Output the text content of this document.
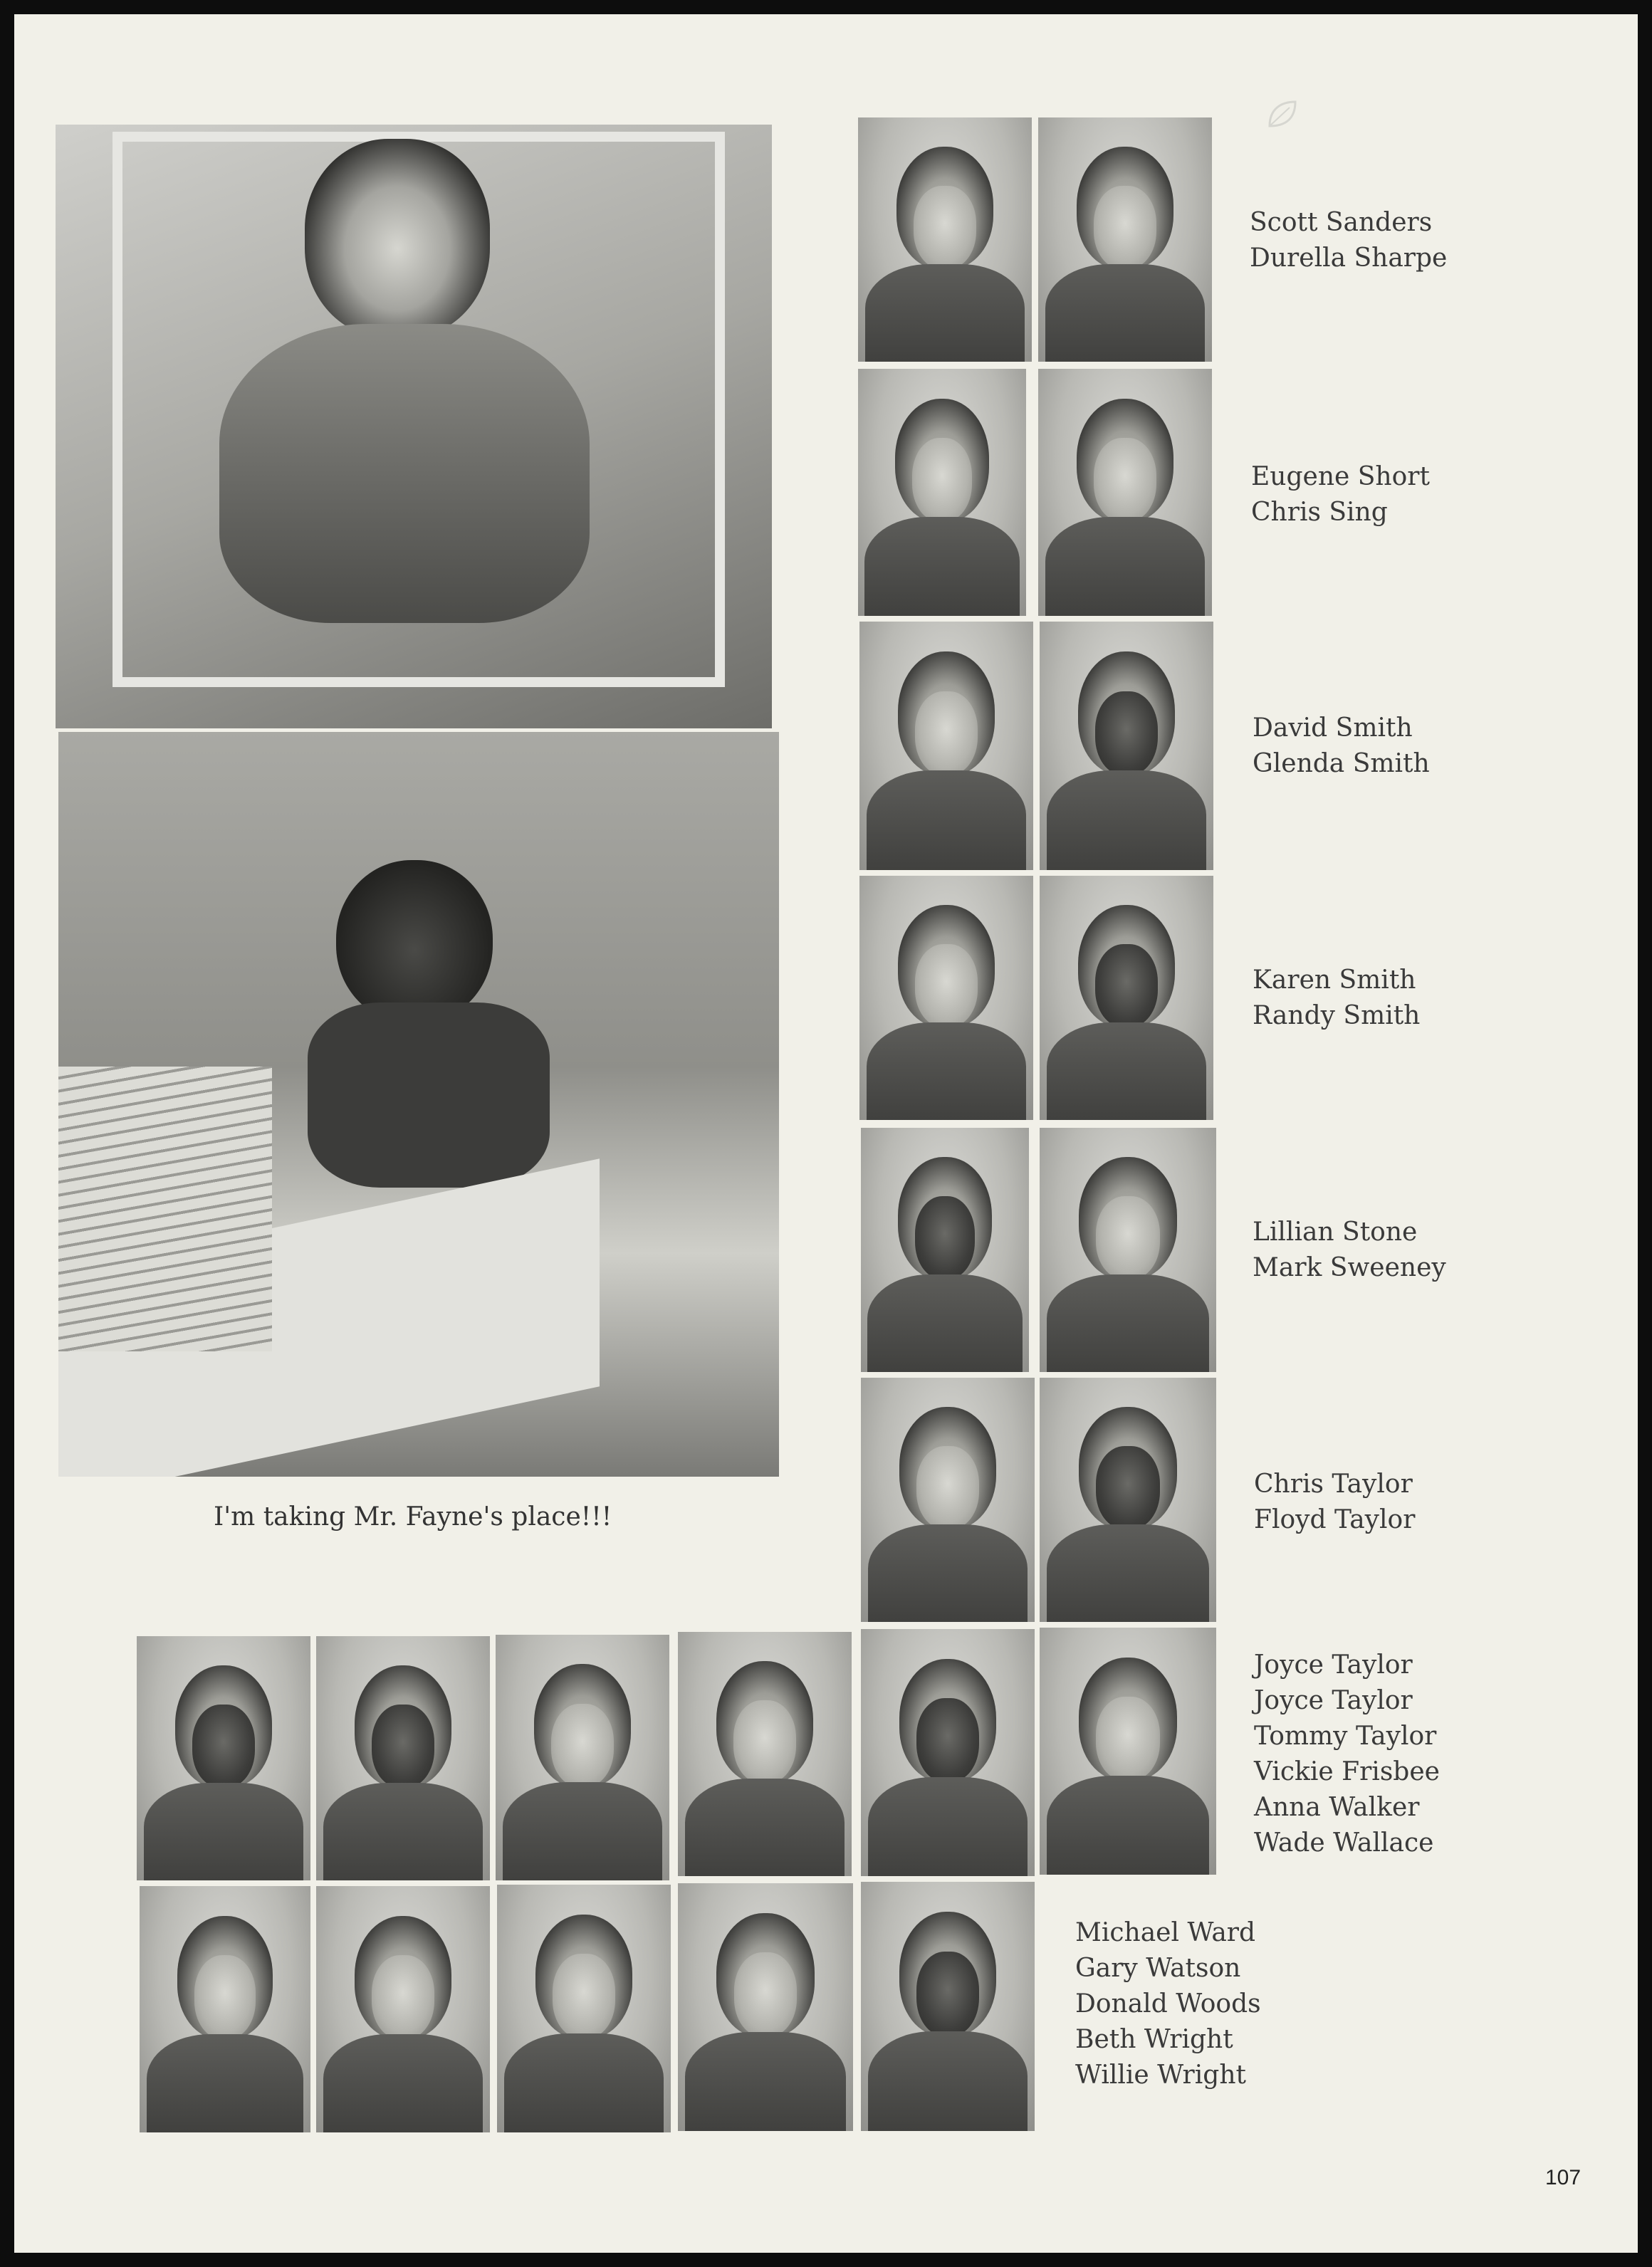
I'm taking Mr. Fayne's place!!!
Scott Sanders
Durella Sharpe
Eugene Short
Chris Sing
David Smith
Glenda Smith
Karen Smith
Randy Smith
Lillian Stone
Mark Sweeney
Chris Taylor
Floyd Taylor
Joyce Taylor
Joyce Taylor
Tommy Taylor
Vickie Frisbee
Anna Walker
Wade Wallace
Michael Ward
Gary Watson
Donald Woods
Beth Wright
Willie Wright
107
